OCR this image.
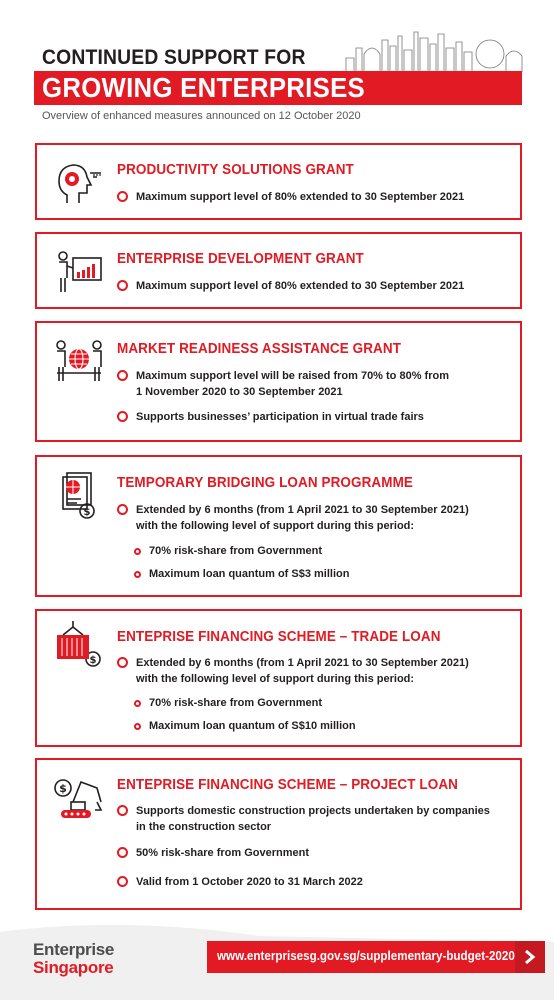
CONTINUED SUPPORT FOR
GROWING ENTERPRISES
Overview of enhanced measures announced on 12 October 2020
PRODUCTIVITY SOLUTIONS GRANT
Maximum support level of 80% extended to 30 September 2021
ENTERPRISE DEVELOPMENT GRANT
Maximum support level of 80% extended to 30 September 2021
MARKET READINESS ASSISTANCE GRANT
Maximum support level will be raised from 70% to 80% from
1 November 2020 to 30 September 2021
Supports businesses’ participation in virtual trade fairs
$
TEMPORARY BRIDGING LOAN PROGRAMME
Extended by 6 months (from 1 April 2021 to 30 September 2021)
with the following level of support during this period:
70% risk-share from Government
Maximum loan quantum of S$3 million
$
ENTEPRISE FINANCING SCHEME – TRADE LOAN
Extended by 6 months (from 1 April 2021 to 30 September 2021)
with the following level of support during this period:
70% risk-share from Government
Maximum loan quantum of S$10 million
$	ENTEPRISE FINANCING SCHEME – PROJECT LOAN
Supports domestic construction projects undertaken by companies
in the construction sector
50% risk-share from Government
Valid from 1 October 2020 to 31 March 2022
Enterprise
Singapore
www.enterprisesg.gov.sg/supplementary-budget-2020
